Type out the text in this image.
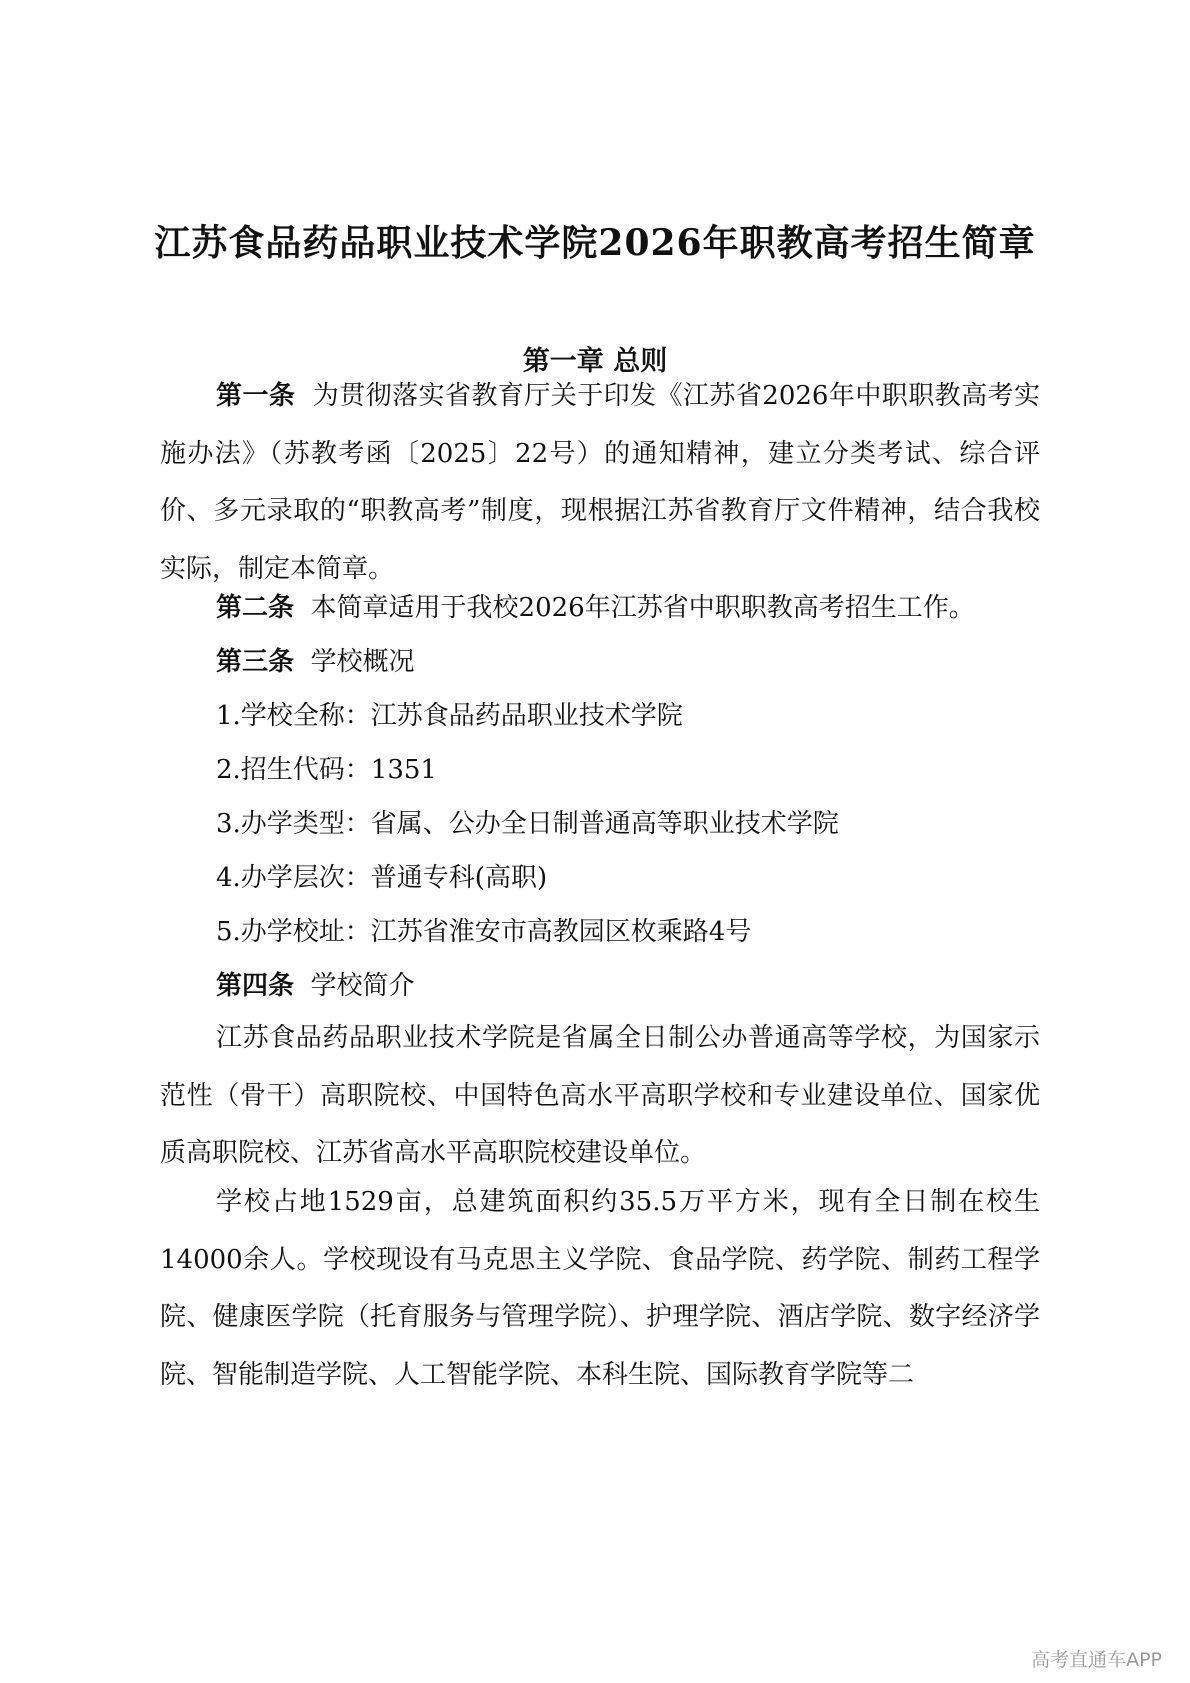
江苏食品药品职业技术学院2026年职教高考招生简章
第一章 总则

第一条 为贯彻落实省教育厅关于印发《江苏省2026年中职职教高考实施办法》（苏教考函〔2025〕22号）的通知精神，建立分类考试、综合评价、多元录取的“职教高考”制度，现根据江苏省教育厅文件精神，结合我校实际，制定本简章。

第二条 本简章适用于我校2026年江苏省中职职教高考招生工作。

第三条 学校概况

1.学校全称：江苏食品药品职业技术学院

2.招生代码：1351

3.办学类型：省属、公办全日制普通高等职业技术学院

4.办学层次：普通专科(高职)

5.办学校址：江苏省淮安市高教园区枚乘路4号

第四条 学校简介

江苏食品药品职业技术学院是省属全日制公办普通高等学校，为国家示范性（骨干）高职院校、中国特色高水平高职学校和专业建设单位、国家优质高职院校、江苏省高水平高职院校建设单位。

学校占地1529亩，总建筑面积约35.5万平方米，现有全日制在校生14000余人。学校现设有马克思主义学院、食品学院、药学院、制药工程学院、健康医学院（托育服务与管理学院）、护理学院、酒店学院、数字经济学院、智能制造学院、人工智能学院、本科生院、国际教育学院等二

高考直通车APP
